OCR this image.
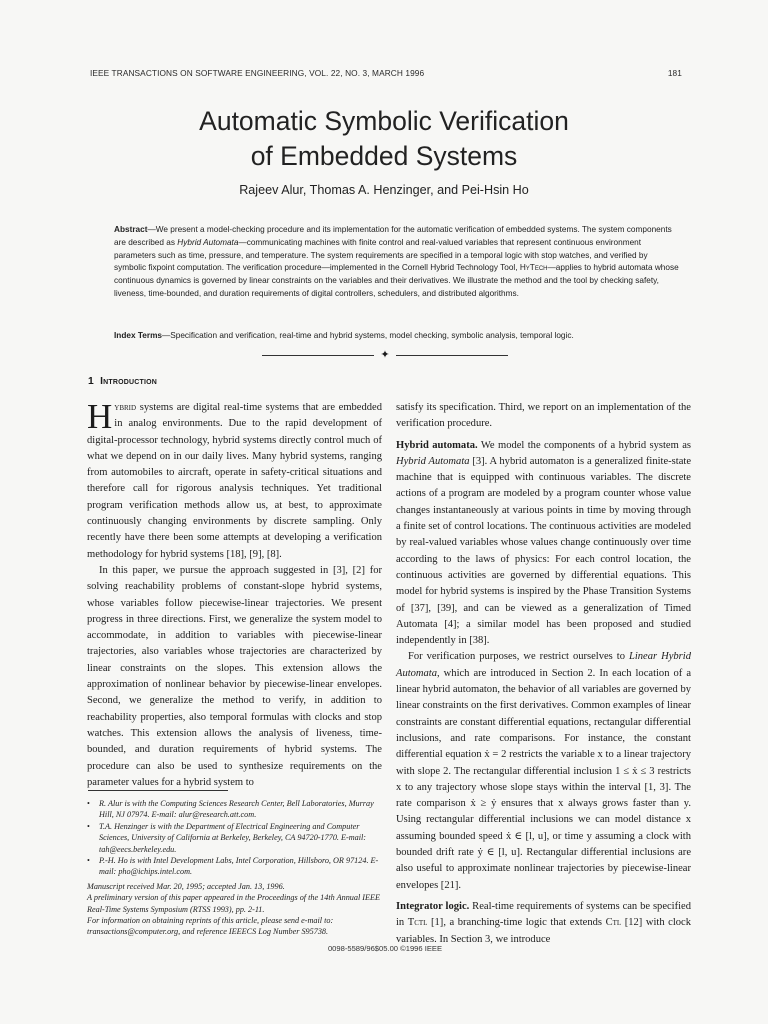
IEEE TRANSACTIONS ON SOFTWARE ENGINEERING, VOL. 22, NO. 3, MARCH 1996	181
Automatic Symbolic Verification
of Embedded Systems
Rajeev Alur, Thomas A. Henzinger, and Pei-Hsin Ho
Abstract—We present a model-checking procedure and its implementation for the automatic verification of embedded systems. The system components are described as Hybrid Automata—communicating machines with finite control and real-valued variables that represent continuous environment parameters such as time, pressure, and temperature. The system requirements are specified in a temporal logic with stop watches, and verified by symbolic fixpoint computation. The verification procedure—implemented in the Cornell Hybrid Technology Tool, HyTech—applies to hybrid automata whose continuous dynamics is governed by linear constraints on the variables and their derivatives. We illustrate the method and the tool by checking safety, liveness, time-bounded, and duration requirements of digital controllers, schedulers, and distributed algorithms.
Index Terms—Specification and verification, real-time and hybrid systems, model checking, symbolic analysis, temporal logic.
✦
1 Introduction

Hybrid systems are digital real-time systems that are embedded in analog environments. Due to the rapid development of digital-processor technology, hybrid systems directly control much of what we depend on in our daily lives. Many hybrid systems, ranging from automobiles to aircraft, operate in safety-critical situations and therefore call for rigorous analysis techniques. Yet traditional program verification methods allow us, at best, to approximate continuously changing environments by discrete sampling. Only recently have there been some attempts at developing a verification methodology for hybrid systems [18], [9], [8].

In this paper, we pursue the approach suggested in [3], [2] for solving reachability problems of constant-slope hybrid systems, whose variables follow piecewise-linear trajectories. We present progress in three directions. First, we generalize the system model to accommodate, in addition to variables with piecewise-linear trajectories, also variables whose trajectories are characterized by linear constraints on the slopes. This extension allows the approximation of nonlinear behavior by piecewise-linear envelopes. Second, we generalize the method to verify, in addition to reachability properties, also temporal formulas with clocks and stop watches. This extension allows the analysis of liveness, time-bounded, and duration requirements of hybrid systems. The procedure can also be used to synthesize requirements on the parameter values for a hybrid system to

• R. Alur is with the Computing Sciences Research Center, Bell Laboratories, Murray Hill, NJ 07974. E-mail: alur@research.att.com.

• T.A. Henzinger is with the Department of Electrical Engineering and Computer Sciences, University of California at Berkeley, Berkeley, CA 94720-1770. E-mail: tah@eecs.berkeley.edu.

• P.-H. Ho is with Intel Development Labs, Intel Corporation, Hillsboro, OR 97124. E-mail: pho@ichips.intel.com.

Manuscript received Mar. 20, 1995; accepted Jan. 13, 1996.

A preliminary version of this paper appeared in the Proceedings of the 14th Annual IEEE Real-Time Systems Symposium (RTSS 1993), pp. 2-11.

For information on obtaining reprints of this article, please send e-mail to: transactions@computer.org, and reference IEEECS Log Number S95738.

satisfy its specification. Third, we report on an implementation of the verification procedure.

Hybrid automata. We model the components of a hybrid system as Hybrid Automata [3]. A hybrid automaton is a generalized finite-state machine that is equipped with continuous variables. The discrete actions of a program are modeled by a program counter whose value changes instantaneously at various points in time by moving through a finite set of control locations. The continuous activities are modeled by real-valued variables whose values change continuously over time according to the laws of physics: For each control location, the continuous activities are governed by differential equations. This model for hybrid systems is inspired by the Phase Transition Systems of [37], [39], and can be viewed as a generalization of Timed Automata [4]; a similar model has been proposed and studied independently in [38].

For verification purposes, we restrict ourselves to Linear Hybrid Automata, which are introduced in Section 2. In each location of a linear hybrid automaton, the behavior of all variables are governed by linear constraints on the first derivatives. Common examples of linear constraints are constant differential equations, rectangular differential inclusions, and rate comparisons. For instance, the constant differential equation ẋ = 2 restricts the variable x to a linear trajectory with slope 2. The rectangular differential inclusion 1 ≤ ẋ ≤ 3 restricts x to any trajectory whose slope stays within the interval [1, 3]. The rate comparison ẋ ≥ ẏ ensures that x always grows faster than y. Using rectangular differential inclusions we can model distance x assuming bounded speed ẋ ∈ [l, u], or time y assuming a clock with bounded drift rate ẏ ∈ [l, u]. Rectangular differential inclusions are also useful to approximate nonlinear trajectories by piecewise-linear envelopes [21].

Integrator logic. Real-time requirements of systems can be specified in Tctl [1], a branching-time logic that extends Ctl [12] with clock variables. In Section 3, we introduce

0098-5589/96$05.00 ©1996 IEEE
